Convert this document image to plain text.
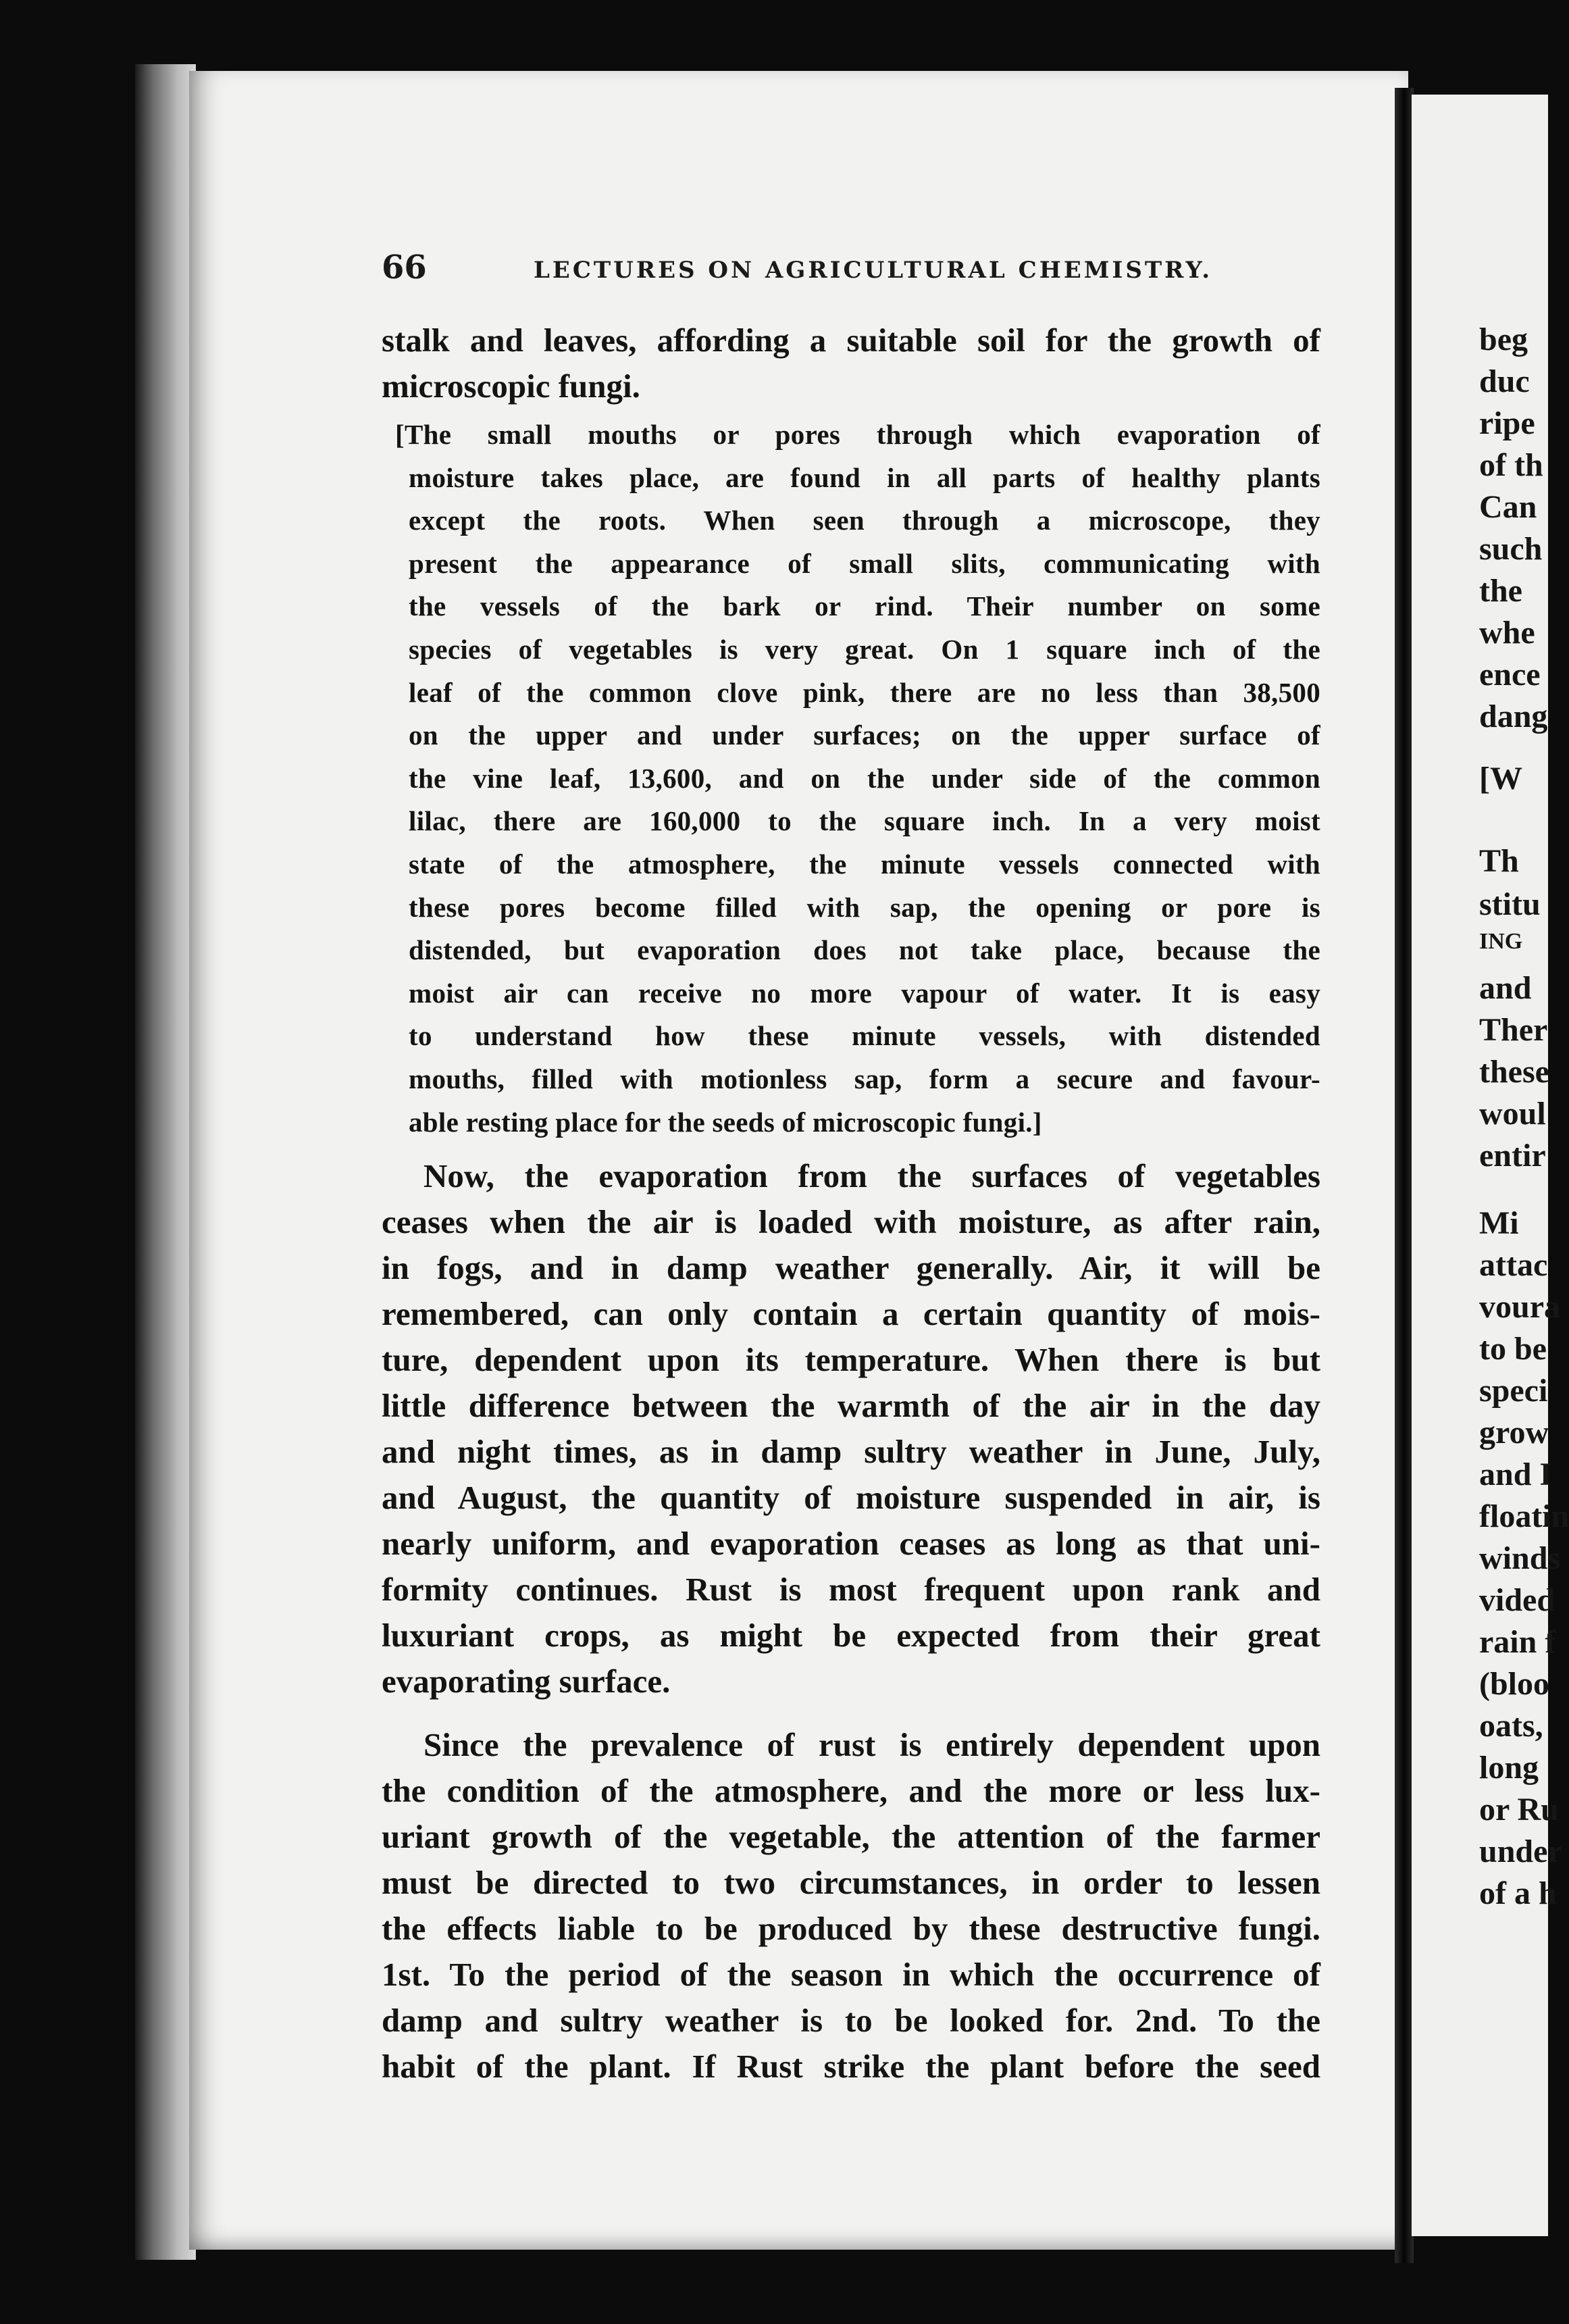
66	LECTURES ON AGRICULTURAL CHEMISTRY.
stalk and leaves, affording a suitable soil for the growth of
microscopic fungi.
[The small mouths or pores through which evaporation of
moisture takes place, are found in all parts of healthy plants
except the roots. When seen through a microscope, they
present the appearance of small slits, communicating with
the vessels of the bark or rind. Their number on some
species of vegetables is very great. On 1 square inch of the
leaf of the common clove pink, there are no less than 38,500
on the upper and under surfaces; on the upper surface of
the vine leaf, 13,600, and on the under side of the common
lilac, there are 160,000 to the square inch. In a very moist
state of the atmosphere, the minute vessels connected with
these pores become filled with sap, the opening or pore is
distended, but evaporation does not take place, because the
moist air can receive no more vapour of water. It is easy
to understand how these minute vessels, with distended
mouths, filled with motionless sap, form a secure and favour-
able resting place for the seeds of microscopic fungi.]
Now, the evaporation from the surfaces of vegetables
ceases when the air is loaded with moisture, as after rain,
in fogs, and in damp weather generally. Air, it will be
remembered, can only contain a certain quantity of mois-
ture, dependent upon its temperature. When there is but
little difference between the warmth of the air in the day
and night times, as in damp sultry weather in June, July,
and August, the quantity of moisture suspended in air, is
nearly uniform, and evaporation ceases as long as that uni-
formity continues. Rust is most frequent upon rank and
luxuriant crops, as might be expected from their great
evaporating surface.
Since the prevalence of rust is entirely dependent upon
the condition of the atmosphere, and the more or less lux-
uriant growth of the vegetable, the attention of the farmer
must be directed to two circumstances, in order to lessen
the effects liable to be produced by these destructive fungi.
1st. To the period of the season in which the occurrence of
damp and sultry weather is to be looked for. 2nd. To the
habit of the plant. If Rust strike the plant before the seed
beg
duc
ripe
of th
Can
such
the
whe
ence
dang
[W
Th
stitu
ING
and
Ther
these
woul
entir
Mi
attac
voura
to be
speci
grow
and I
floatin
winds
vided
rain f
(bloo
oats,
long
or Ru
under
of a h
